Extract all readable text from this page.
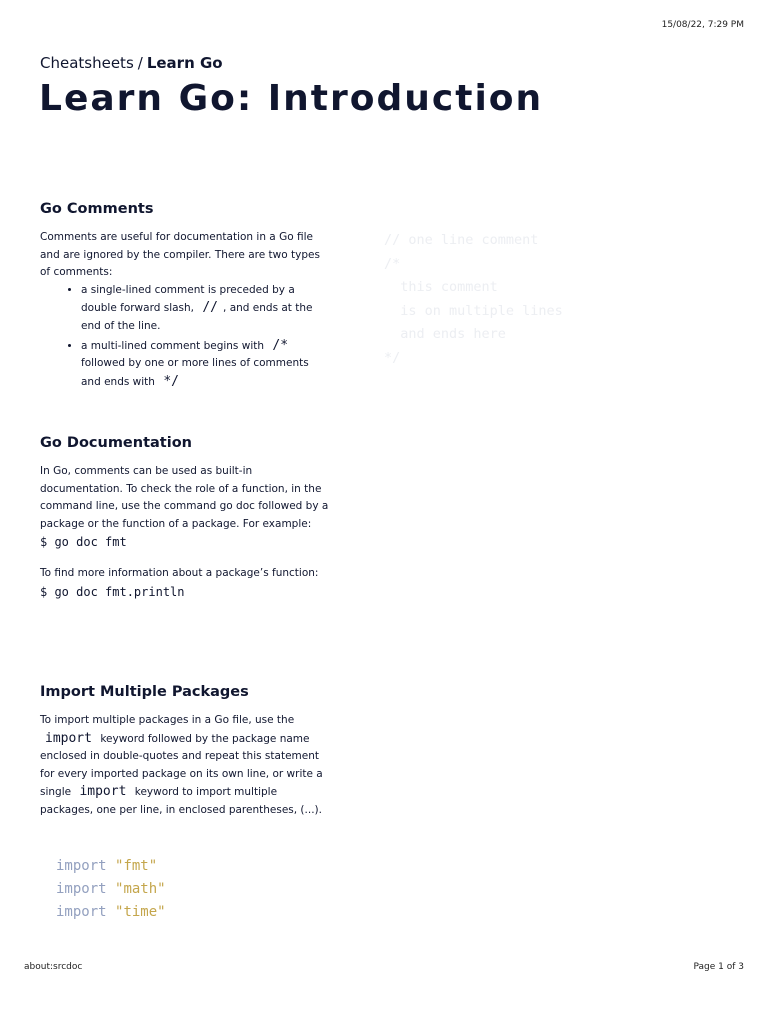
15/08/22, 7:29 PM
Cheatsheets / Learn Go
Learn Go: Introduction
Go Comments

Comments are useful for documentation in a Go file and are ignored by the compiler. There are two types of comments:

• a single-lined comment is preceded by a double forward slash, // , and ends at the end of the line.
• a multi-lined comment begins with /* followed by one or more lines of comments and ends with */
// one line comment
/*
this comment
is on multiple lines
and ends here
*/
Go Documentation

In Go, comments can be used as built-in documentation. To check the role of a function, in the command line, use the command go doc followed by a package or the function of a package. For example:

$ go doc fmt

To find more information about a package’s function:

$ go doc fmt.println
Import Multiple Packages
To import multiple packages in a Go file, use the import keyword followed by the package name enclosed in double-quotes and repeat this statement for every imported package on its own line, or write a single import keyword to import multiple packages, one per line, in enclosed parentheses, (...).
import "fmt"
import "math"
import "time"
about:srcdoc	Page 1 of 3
